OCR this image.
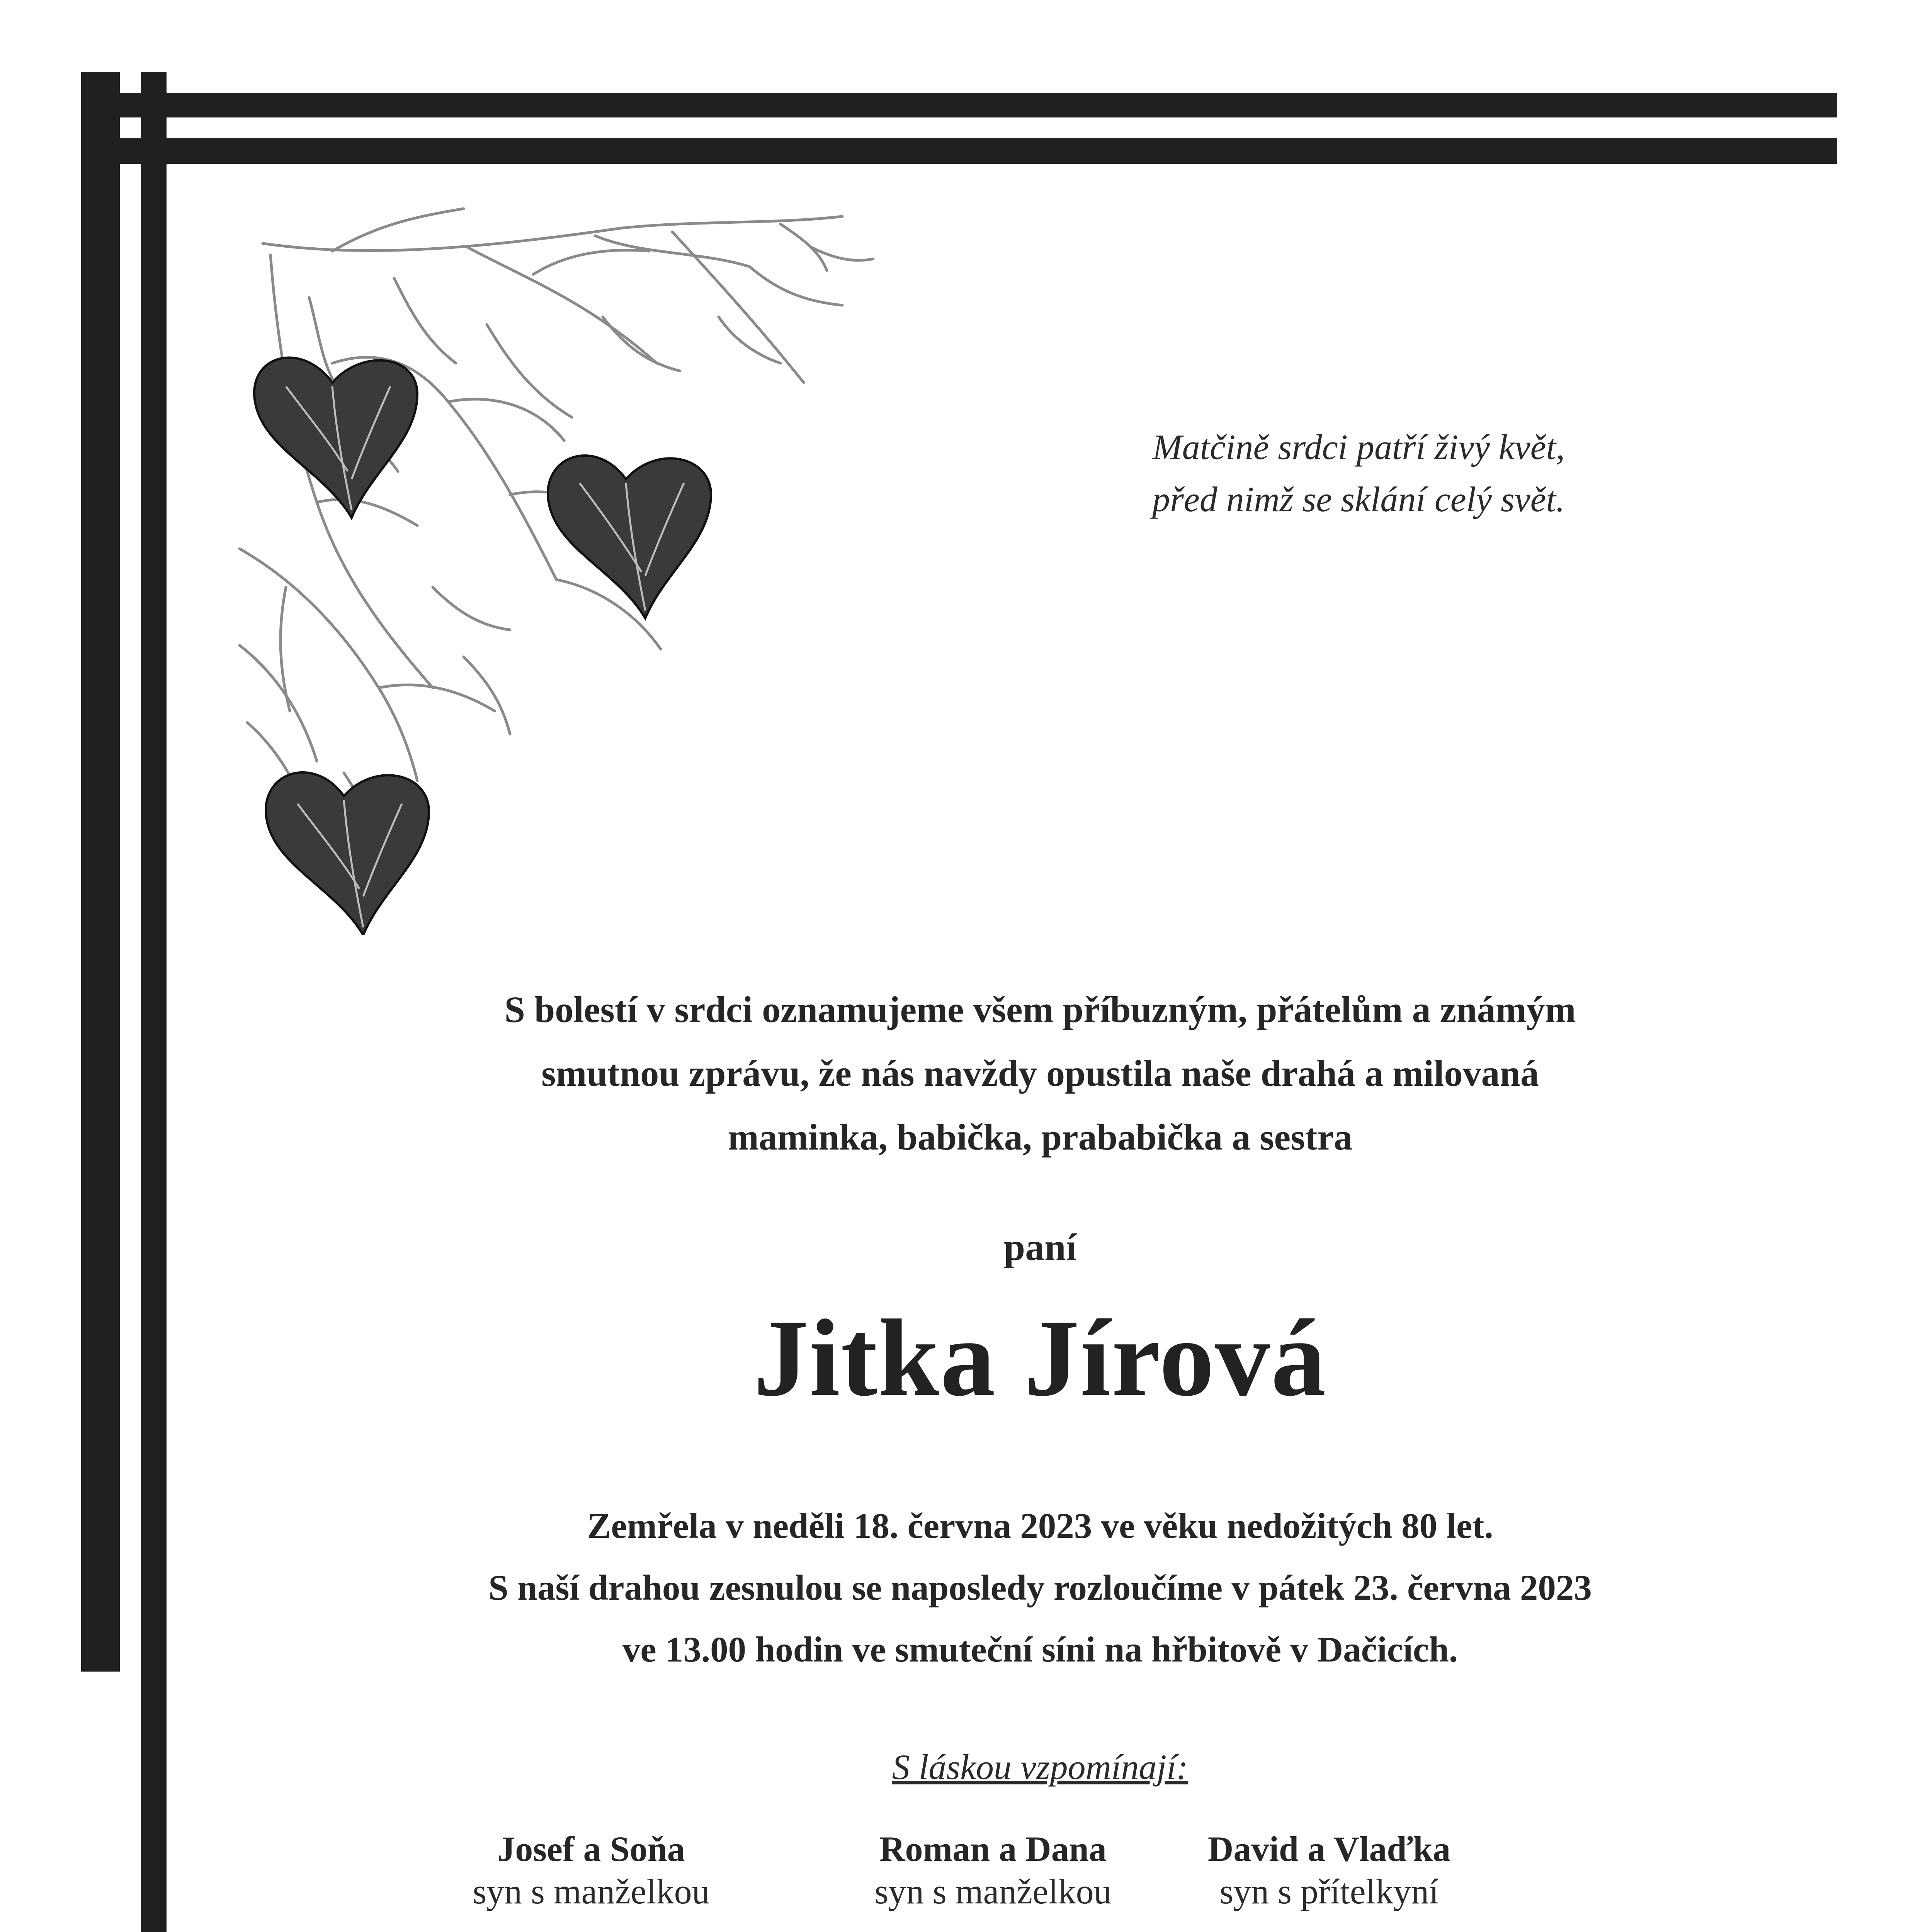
Matčině srdci patří živý květ,
před nimž se sklání celý svět.
S bolestí v srdci oznamujeme všem příbuzným, přátelům a známým
smutnou zprávu, že nás navždy opustila naše drahá a milovaná
maminka, babička, prababička a sestra
paní
Jitka Jírová
Zemřela v neděli 18. června 2023 ve věku nedožitých 80 let.
S naší drahou zesnulou se naposledy rozloučíme v pátek 23. června 2023
ve 13.00 hodin ve smuteční síni na hřbitově v Dačicích.
S láskou vzpomínají:
Josef a Soňa
syn s manželkou
Roman a Dana
syn s manželkou
David a Vlaďka
syn s přítelkyní
